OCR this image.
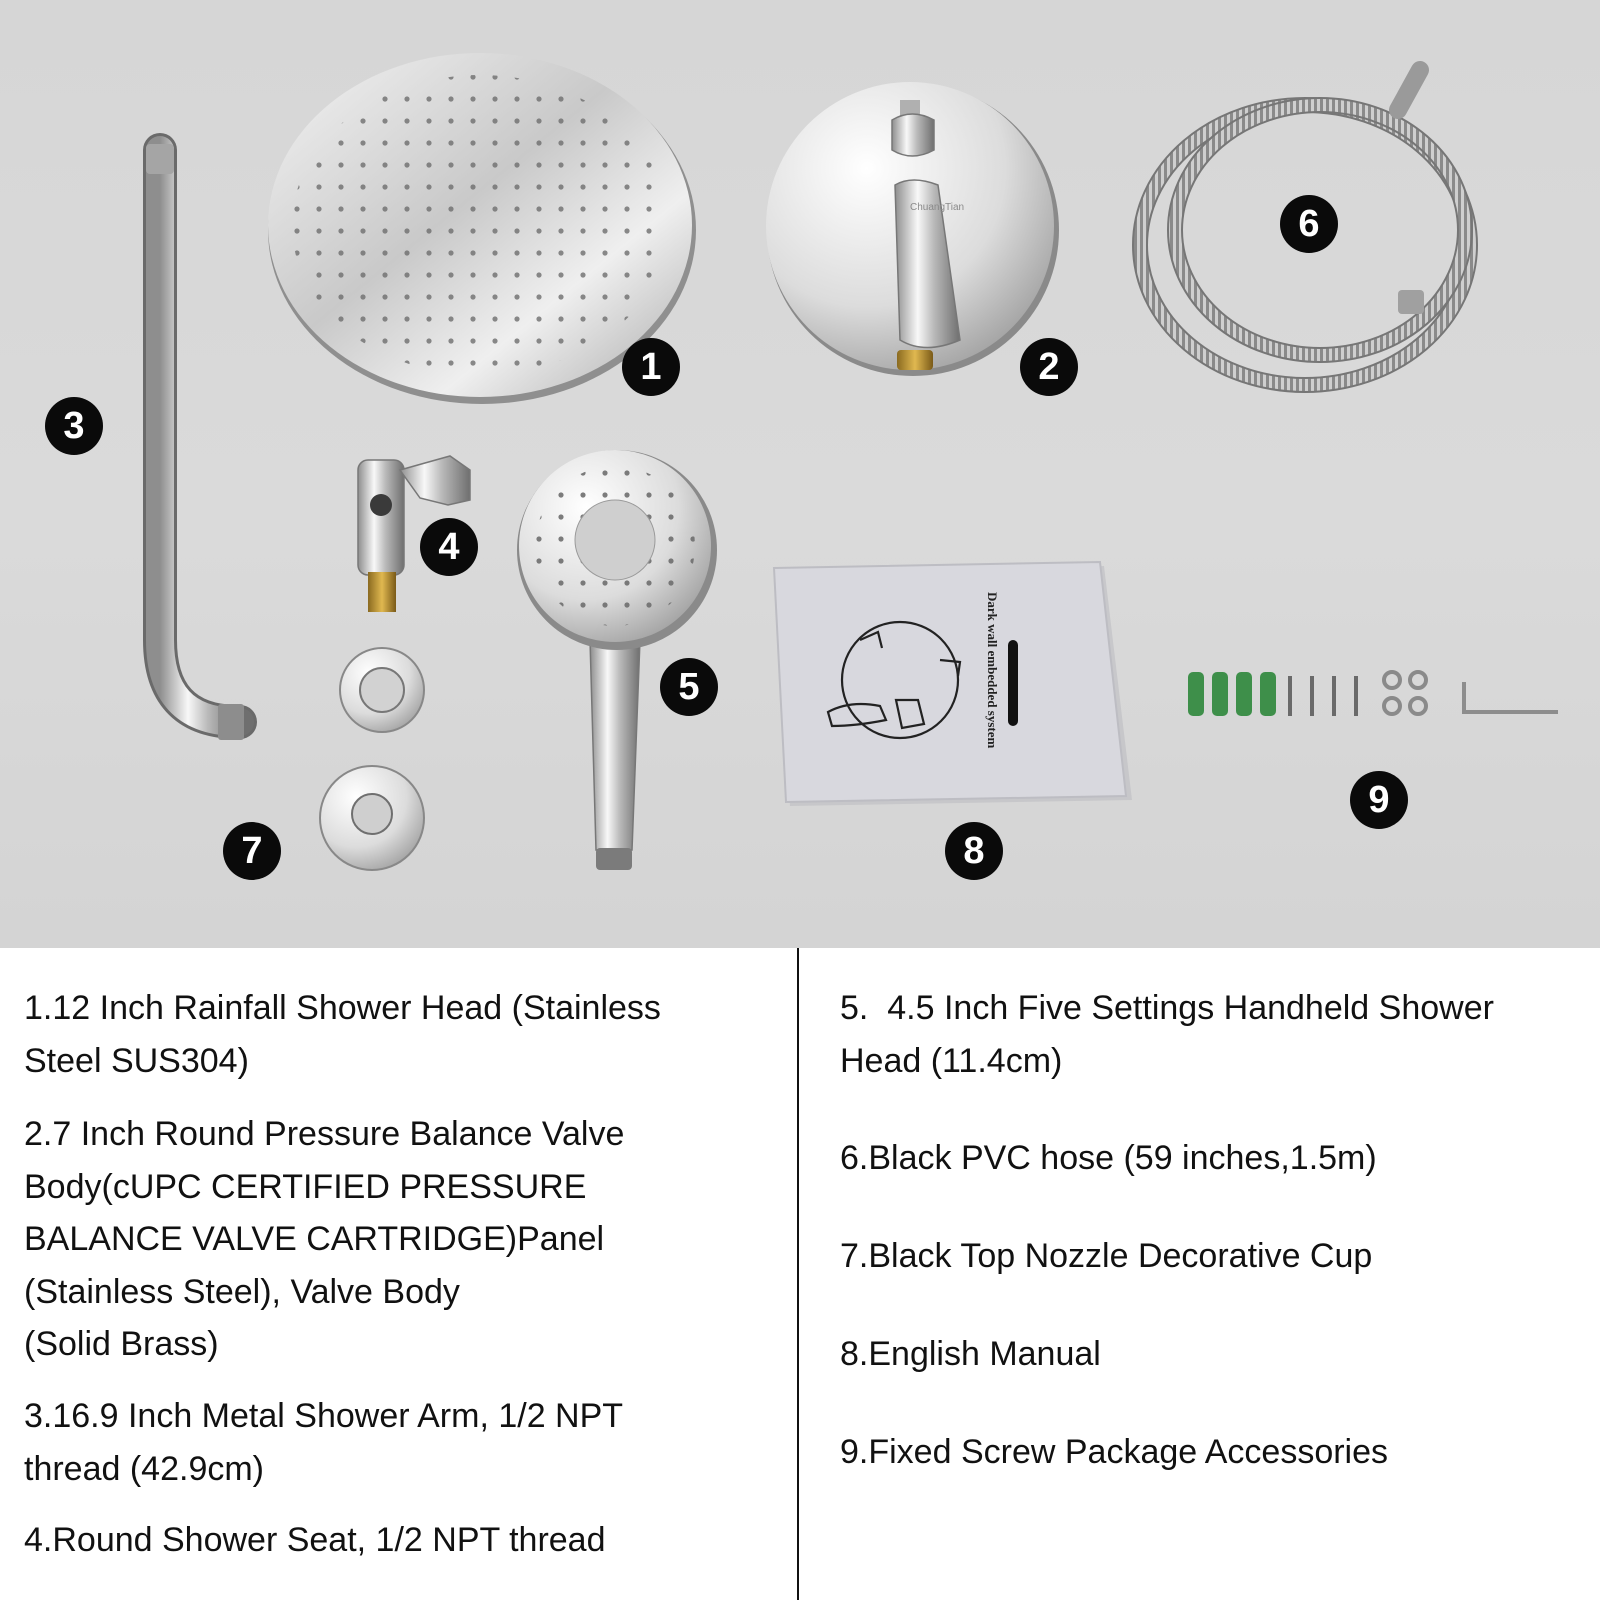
ChuangTian
Dark wall embedded system
1	2
3
4
5
6
7	8
9

1.12 Inch Rainfall Shower Head (Stainless
Steel SUS304)

2.7 Inch Round Pressure Balance Valve
Body(cUPC CERTIFIED PRESSURE
BALANCE VALVE CARTRIDGE)Panel
(Stainless Steel), Valve Body
(Solid Brass)

3.16.9 Inch Metal Shower Arm, 1/2 NPT
thread (42.9cm)

4.Round Shower Seat, 1/2 NPT thread

5.  4.5 Inch Five Settings Handheld Shower
Head (11.4cm)

6.Black PVC hose (59 inches,1.5m)

7.Black Top Nozzle Decorative Cup

8.English Manual

9.Fixed Screw Package Accessories
